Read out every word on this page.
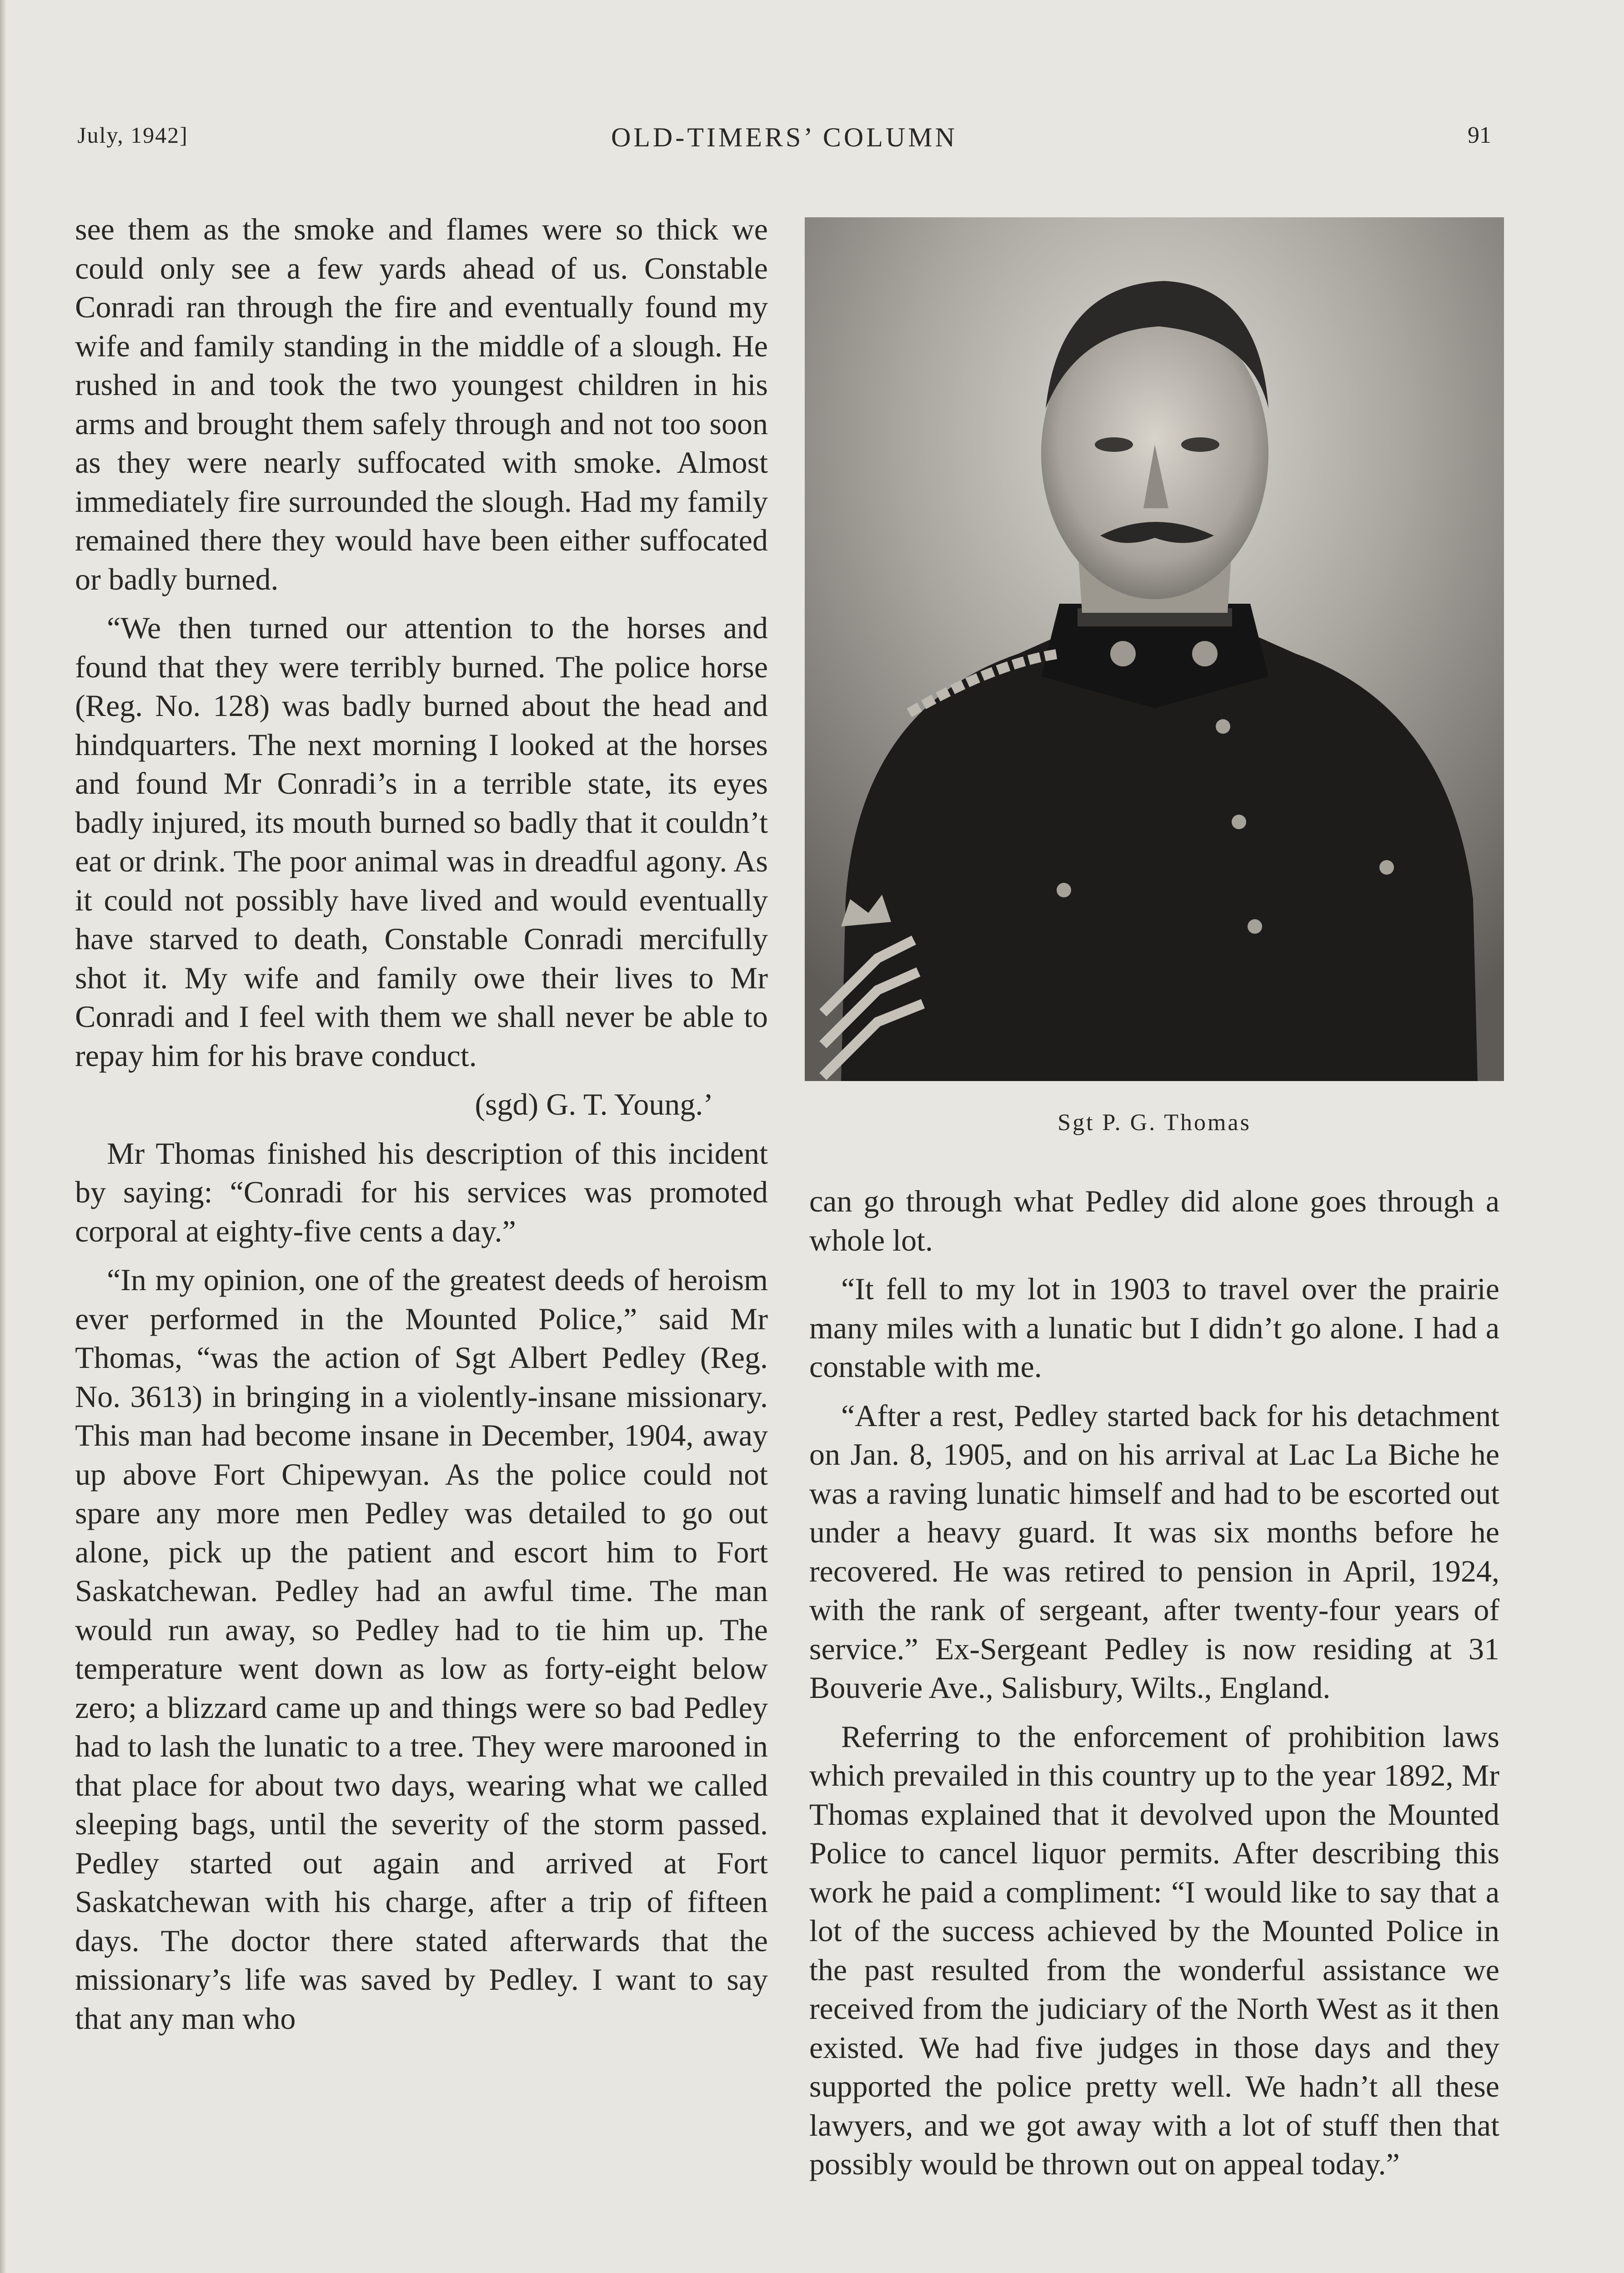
July, 1942]	OLD-TIMERS’ COLUMN	91

see them as the smoke and flames were so thick we could only see a few yards ahead of us. Constable Conradi ran through the fire and eventually found my wife and family standing in the middle of a slough. He rushed in and took the two youngest children in his arms and brought them safely through and not too soon as they were nearly suffocated with smoke. Almost immediately fire surrounded the slough. Had my family remained there they would have been either suffocated or badly burned.

“We then turned our attention to the horses and found that they were terribly burned. The police horse (Reg. No. 128) was badly burned about the head and hindquarters. The next morning I looked at the horses and found Mr Conradi’s in a terrible state, its eyes badly injured, its mouth burned so badly that it couldn’t eat or drink. The poor animal was in dreadful agony. As it could not possibly have lived and would eventually have starved to death, Constable Conradi mercifully shot it. My wife and family owe their lives to Mr Conradi and I feel with them we shall never be able to repay him for his brave conduct.

(sgd) G. T. Young.’

Mr Thomas finished his description of this incident by saying: “Conradi for his services was promoted corporal at eighty-five cents a day.”

“In my opinion, one of the greatest deeds of heroism ever performed in the Mounted Police,” said Mr Thomas, “was the action of Sgt Albert Pedley (Reg. No. 3613) in bringing in a violently-insane missionary. This man had become insane in December, 1904, away up above Fort Chipewyan. As the police could not spare any more men Pedley was detailed to go out alone, pick up the patient and escort him to Fort Saskatchewan. Pedley had an awful time. The man would run away, so Pedley had to tie him up. The temperature went down as low as forty-eight below zero; a blizzard came up and things were so bad Pedley had to lash the lunatic to a tree. They were marooned in that place for about two days, wearing what we called sleeping bags, until the severity of the storm passed. Pedley started out again and arrived at Fort Saskatchewan with his charge, after a trip of fifteen days. The doctor there stated afterwards that the missionary’s life was saved by Pedley. I want to say that any man who

Sgt P. G. Thomas

can go through what Pedley did alone goes through a whole lot.

“It fell to my lot in 1903 to travel over the prairie many miles with a lunatic but I didn’t go alone. I had a constable with me.

“After a rest, Pedley started back for his detachment on Jan. 8, 1905, and on his arrival at Lac La Biche he was a raving lunatic himself and had to be escorted out under a heavy guard. It was six months before he recovered. He was retired to pension in April, 1924, with the rank of sergeant, after twenty-four years of service.” Ex-Sergeant Pedley is now residing at 31 Bouverie Ave., Salisbury, Wilts., England.

Referring to the enforcement of prohibition laws which prevailed in this country up to the year 1892, Mr Thomas explained that it devolved upon the Mounted Police to cancel liquor permits. After describing this work he paid a compliment: “I would like to say that a lot of the success achieved by the Mounted Police in the past resulted from the wonderful assistance we received from the judiciary of the North West as it then existed. We had five judges in those days and they supported the police pretty well. We hadn’t all these lawyers, and we got away with a lot of stuff then that possibly would be thrown out on appeal today.”
